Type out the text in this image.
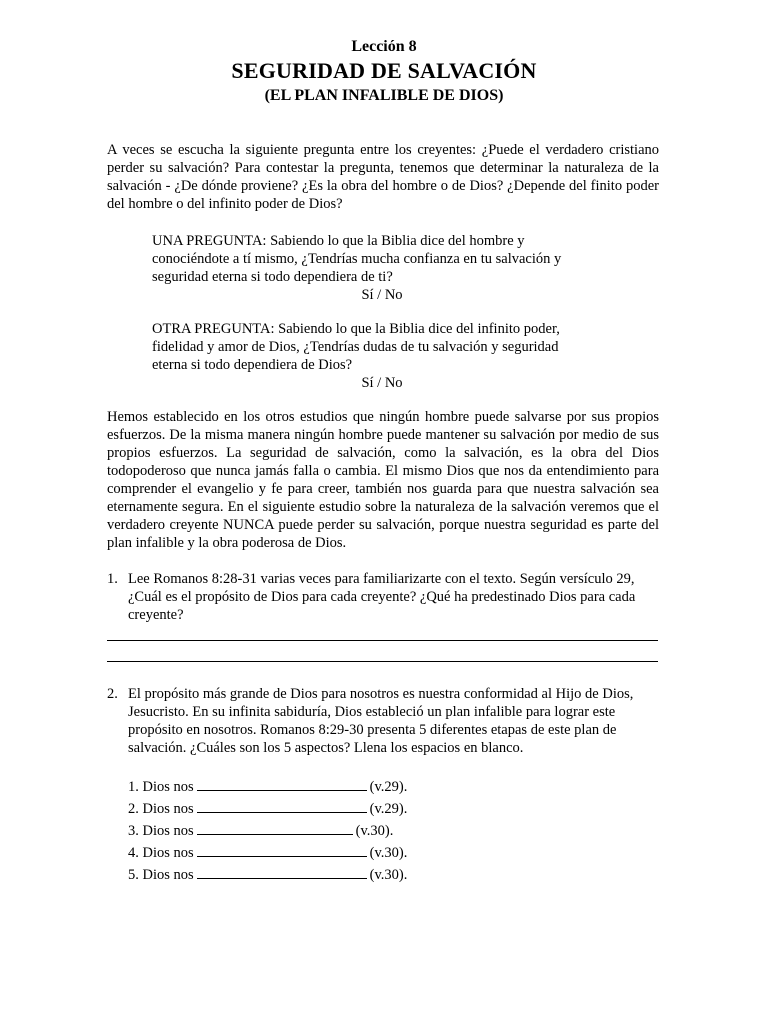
Lección 8
SEGURIDAD DE SALVACIÓN
(EL PLAN INFALIBLE DE DIOS)
A veces se escucha la siguiente pregunta entre los creyentes: ¿Puede el verdadero cristiano perder su salvación? Para contestar la pregunta, tenemos que determinar la naturaleza de la salvación - ¿De dónde proviene? ¿Es la obra del hombre o de Dios? ¿Depende del finito poder del hombre o del infinito poder de Dios?
UNA PREGUNTA: Sabiendo lo que la Biblia dice del hombre y conociéndote a tí mismo, ¿Tendrías mucha confianza en tu salvación y seguridad eterna si todo dependiera de ti?
Sí / No
OTRA PREGUNTA: Sabiendo lo que la Biblia dice del infinito poder, fidelidad y amor de Dios, ¿Tendrías dudas de tu salvación y seguridad eterna si todo dependiera de Dios?
Sí / No
Hemos establecido en los otros estudios que ningún hombre puede salvarse por sus propios esfuerzos. De la misma manera ningún hombre puede mantener su salvación por medio de sus propios esfuerzos. La seguridad de salvación, como la salvación, es la obra del Dios todopoderoso que nunca jamás falla o cambia. El mismo Dios que nos da entendimiento para comprender el evangelio y fe para creer, también nos guarda para que nuestra salvación sea eternamente segura. En el siguiente estudio sobre la naturaleza de la salvación veremos que el verdadero creyente NUNCA puede perder su salvación, porque nuestra seguridad es parte del plan infalible y la obra poderosa de Dios.
1. Lee Romanos 8:28-31 varias veces para familiarizarte con el texto. Según versículo 29, ¿Cuál es el propósito de Dios para cada creyente? ¿Qué ha predestinado Dios para cada creyente?
2. El propósito más grande de Dios para nosotros es nuestra conformidad al Hijo de Dios, Jesucristo. En su infinita sabiduría, Dios estableció un plan infalible para lograr este propósito en nosotros. Romanos 8:29-30 presenta 5 diferentes etapas de este plan de salvación. ¿Cuáles son los 5 aspectos? Llena los espacios en blanco.
1. Dios nos	(v.29).
2. Dios nos	(v.29).
3. Dios nos	(v.30).
4. Dios nos	(v.30).
5. Dios nos	(v.30).
